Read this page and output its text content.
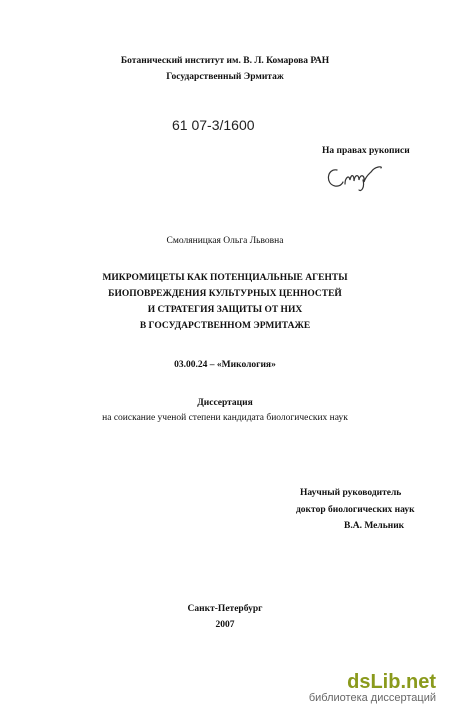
Ботанический институт им. В. Л. Комарова РАН
Государственный Эрмитаж
61 07-3/1600
На правах рукописи
Смоляницкая Ольга Львовна
МИКРОМИЦЕТЫ КАК ПОТЕНЦИАЛЬНЫЕ АГЕНТЫ
БИОПОВРЕЖДЕНИЯ КУЛЬТУРНЫХ ЦЕННОСТЕЙ
И СТРАТЕГИЯ ЗАЩИТЫ ОТ НИХ
В ГОСУДАРСТВЕННОМ ЭРМИТАЖЕ
03.00.24 – «Микология»
Диссертация
на соискание ученой степени кандидата биологических наук
Научный руководитель
доктор биологических наук
В.А. Мельник
Санкт-Петербург
2007
dsLib.net
библиотека диссертаций
